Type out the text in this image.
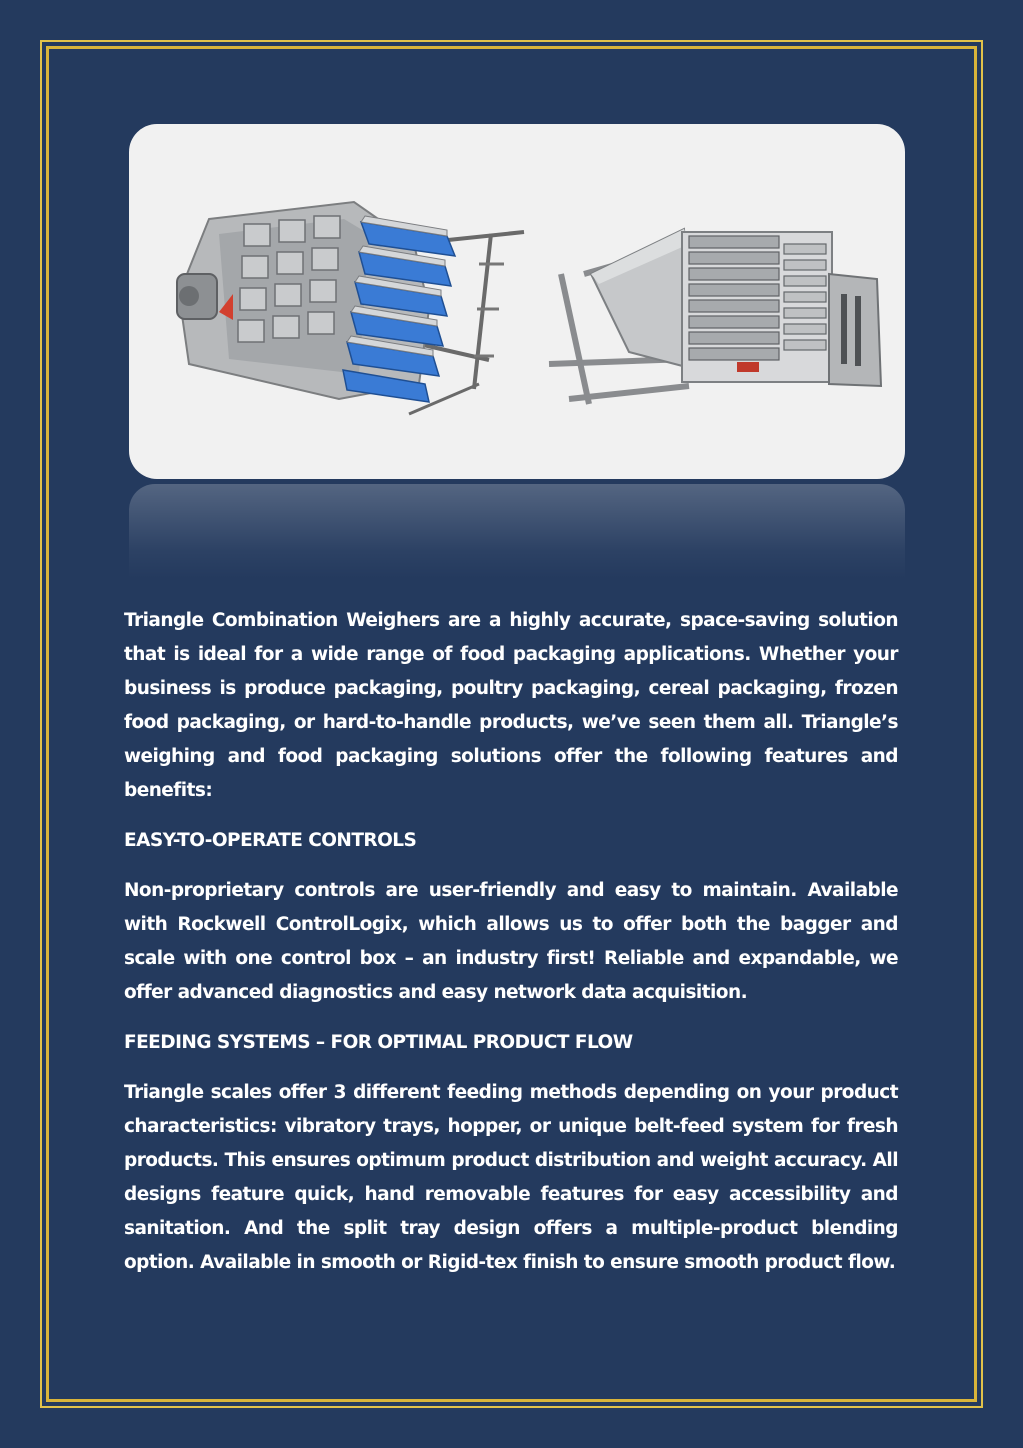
Triangle Combination Weighers are a highly accurate, space-saving solution that is ideal for a wide range of food packaging applications. Whether your business is produce packaging, poultry packaging, cereal packaging, frozen food packaging, or hard-to-handle products, we’ve seen them all. Triangle’s weighing and food packaging solutions offer the following features and benefits:

EASY-TO-OPERATE CONTROLS

Non-proprietary controls are user-friendly and easy to maintain. Available with Rockwell ControlLogix, which allows us to offer both the bagger and scale with one control box – an industry first! Reliable and expandable, we offer advanced diagnostics and easy network data acquisition.

FEEDING SYSTEMS – FOR OPTIMAL PRODUCT FLOW

Triangle scales offer 3 different feeding methods depending on your product characteristics: vibratory trays, hopper, or unique belt-feed system for fresh products. This ensures optimum product distribution and weight accuracy. All designs feature quick, hand removable features for easy accessibility and sanitation. And the split tray design offers a multiple-product blending option. Available in smooth or Rigid-tex finish to ensure smooth product flow.
